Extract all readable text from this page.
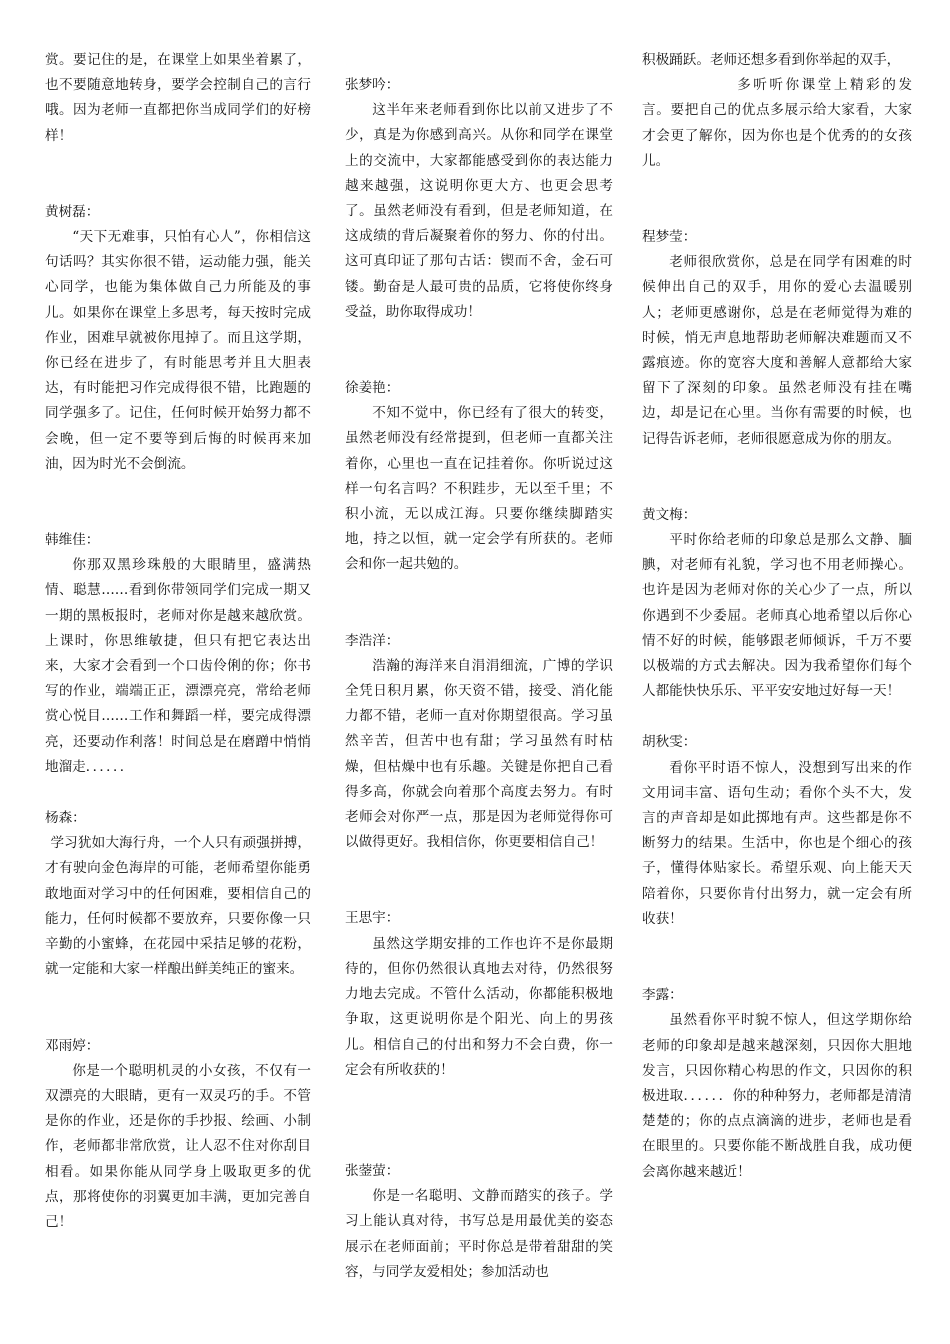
赏。要记住的是，在课堂上如果坐着累了，也不要随意地转身，要学会控制自己的言行哦。因为老师一直都把你当成同学们的好榜样！

黄树磊：

“天下无难事，只怕有心人”，你相信这句话吗？其实你很不错，运动能力强，能关心同学，也能为集体做自己力所能及的事儿。如果你在课堂上多思考，每天按时完成作业，困难早就被你甩掉了。而且这学期，你已经在进步了，有时能思考并且大胆表达，有时能把习作完成得很不错，比跑题的同学强多了。记住，任何时候开始努力都不会晚，但一定不要等到后悔的时候再来加油，因为时光不会倒流。

韩维佳：

你那双黑珍珠般的大眼睛里，盛满热情、聪慧……看到你带领同学们完成一期又一期的黑板报时，老师对你是越来越欣赏。上课时，你思维敏捷，但只有把它表达出来，大家才会看到一个口齿伶俐的你；你书写的作业，端端正正，漂漂亮亮，常给老师赏心悦目……工作和舞蹈一样，要完成得漂亮，还要动作利落！时间总是在磨蹭中悄悄地溜走．．．．．．

杨森：

学习犹如大海行舟，一个人只有顽强拼搏，才有驶向金色海岸的可能，老师希望你能勇敢地面对学习中的任何困难，要相信自己的能力，任何时候都不要放弃，只要你像一只辛勤的小蜜蜂，在花园中采拮足够的花粉，就一定能和大家一样酿出鲜美纯正的蜜来。

邓雨婷：

你是一个聪明机灵的小女孩，不仅有一双漂亮的大眼睛，更有一双灵巧的手。不管是你的作业，还是你的手抄报、绘画、小制作，老师都非常欣赏，让人忍不住对你刮目相看。如果你能从同学身上吸取更多的优点，那将使你的羽翼更加丰满，更加完善自己！

张梦吟：

这半年来老师看到你比以前又进步了不少，真是为你感到高兴。从你和同学在课堂上的交流中，大家都能感受到你的表达能力越来越强，这说明你更大方、也更会思考了。虽然老师没有看到，但是老师知道，在这成绩的背后凝聚着你的努力、你的付出。这可真印证了那句古话：锲而不舍，金石可镂。勤奋是人最可贵的品质，它将使你终身受益，助你取得成功！

徐姜艳：

不知不觉中，你已经有了很大的转变，虽然老师没有经常提到，但老师一直都关注着你，心里也一直在记挂着你。你听说过这样一句名言吗？不积跬步，无以至千里；不积小流，无以成江海。只要你继续脚踏实地，持之以恒，就一定会学有所获的。老师会和你一起共勉的。

李浩洋：

浩瀚的海洋来自涓涓细流，广博的学识全凭日积月累，你天资不错，接受、消化能力都不错，老师一直对你期望很高。学习虽然辛苦，但苦中也有甜；学习虽然有时枯燥，但枯燥中也有乐趣。关键是你把自己看得多高，你就会向着那个高度去努力。有时老师会对你严一点，那是因为老师觉得你可以做得更好。我相信你，你更要相信自己！

王思宇：

虽然这学期安排的工作也许不是你最期待的，但你仍然很认真地去对待，仍然很努力地去完成。不管什么活动，你都能积极地争取，这更说明你是个阳光、向上的男孩儿。相信自己的付出和努力不会白费，你一定会有所收获的！

张蓥萤：

你是一名聪明、文静而踏实的孩子。学习上能认真对待，书写总是用最优美的姿态展示在老师面前；平时你总是带着甜甜的笑容，与同学友爱相处；参加活动也

积极踊跃。老师还想多看到你举起的双手，

多听听你课堂上精彩的发言。要把自己的优点多展示给大家看，大家才会更了解你，因为你也是个优秀的的女孩儿。

程梦莹：

老师很欣赏你，总是在同学有困难的时候伸出自己的双手，用你的爱心去温暖别人；老师更感谢你，总是在老师觉得为难的时候，悄无声息地帮助老师解决难题而又不露痕迹。你的宽容大度和善解人意都给大家留下了深刻的印象。虽然老师没有挂在嘴边，却是记在心里。当你有需要的时候，也记得告诉老师，老师很愿意成为你的朋友。

黄文梅：

平时你给老师的印象总是那么文静、腼腆，对老师有礼貌，学习也不用老师操心。也许是因为老师对你的关心少了一点，所以你遇到不少委屈。老师真心地希望以后你心情不好的时候，能够跟老师倾诉，千万不要以极端的方式去解决。因为我希望你们每个人都能快快乐乐、平平安安地过好每一天！

胡秋雯：

看你平时语不惊人，没想到写出来的作文用词丰富、语句生动；看你个头不大，发言的声音却是如此掷地有声。这些都是你不断努力的结果。生活中，你也是个细心的孩子，懂得体贴家长。希望乐观、向上能天天陪着你，只要你肯付出努力，就一定会有所收获！

李露：

虽然看你平时貌不惊人，但这学期你给老师的印象却是越来越深刻，只因你大胆地发言，只因你精心构思的作文，只因你的积极进取．．．．．．你的种种努力，老师都是清清楚楚的；你的点点滴滴的进步，老师也是看在眼里的。只要你能不断战胜自我，成功便会离你越来越近！
